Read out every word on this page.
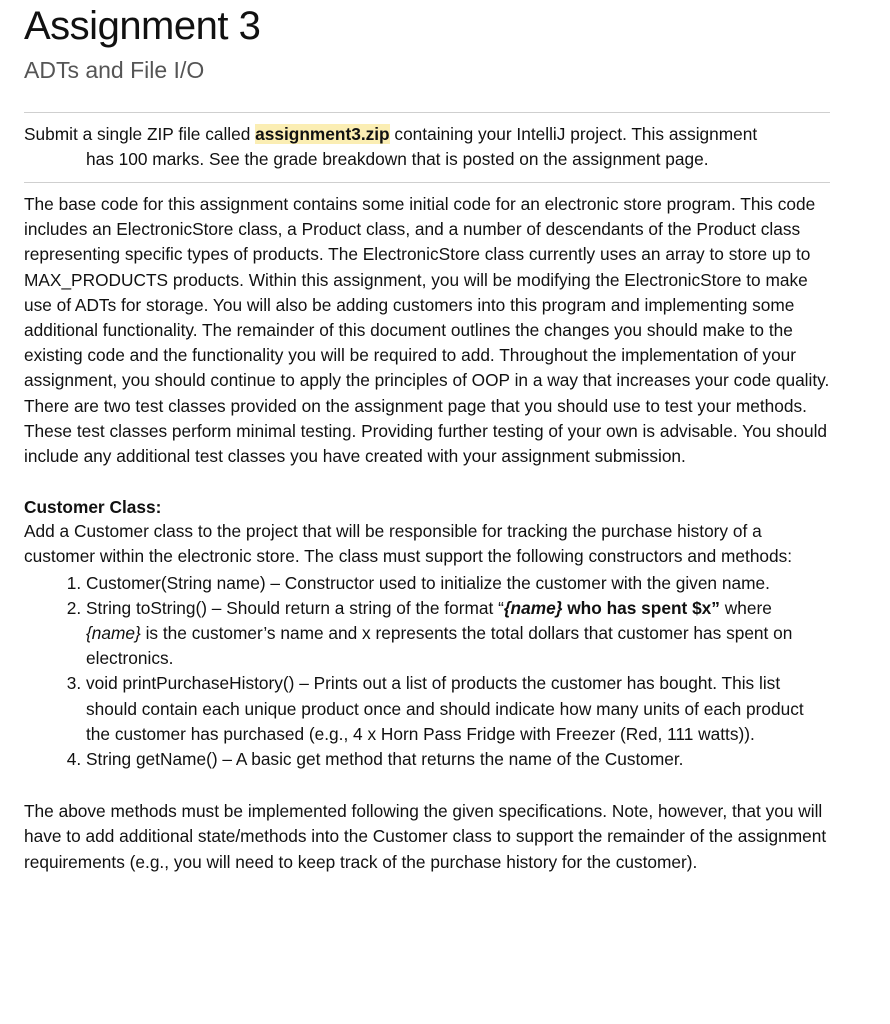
Assignment 3
ADTs and File I/O
Submit a single ZIP file called assignment3.zip containing your IntelliJ project. This assignment
has 100 marks. See the grade breakdown that is posted on the assignment page.

The base code for this assignment contains some initial code for an electronic store program. This code includes an ElectronicStore class, a Product class, and a number of descendants of the Product class representing specific types of products. The ElectronicStore class currently uses an array to store up to MAX_PRODUCTS products. Within this assignment, you will be modifying the ElectronicStore to make use of ADTs for storage. You will also be adding customers into this program and implementing some additional functionality. The remainder of this document outlines the changes you should make to the existing code and the functionality you will be required to add. Throughout the implementation of your assignment, you should continue to apply the principles of OOP in a way that increases your code quality. There are two test classes provided on the assignment page that you should use to test your methods. These test classes perform minimal testing. Providing further testing of your own is advisable. You should include any additional test classes you have created with your assignment submission.

Customer Class:

Add a Customer class to the project that will be responsible for tracking the purchase history of a customer within the electronic store. The class must support the following constructors and methods:

1. Customer(String name) – Constructor used to initialize the customer with the given name.
2. String toString() – Should return a string of the format “{name} who has spent $x” where {name} is the customer’s name and x represents the total dollars that customer has spent on electronics.
3. void printPurchaseHistory() – Prints out a list of products the customer has bought. This list should contain each unique product once and should indicate how many units of each product the customer has purchased (e.g., 4 x Horn Pass Fridge with Freezer (Red, 111 watts)).
4. String getName() – A basic get method that returns the name of the Customer.

The above methods must be implemented following the given specifications. Note, however, that you will have to add additional state/methods into the Customer class to support the remainder of the assignment requirements (e.g., you will need to keep track of the purchase history for the customer).
